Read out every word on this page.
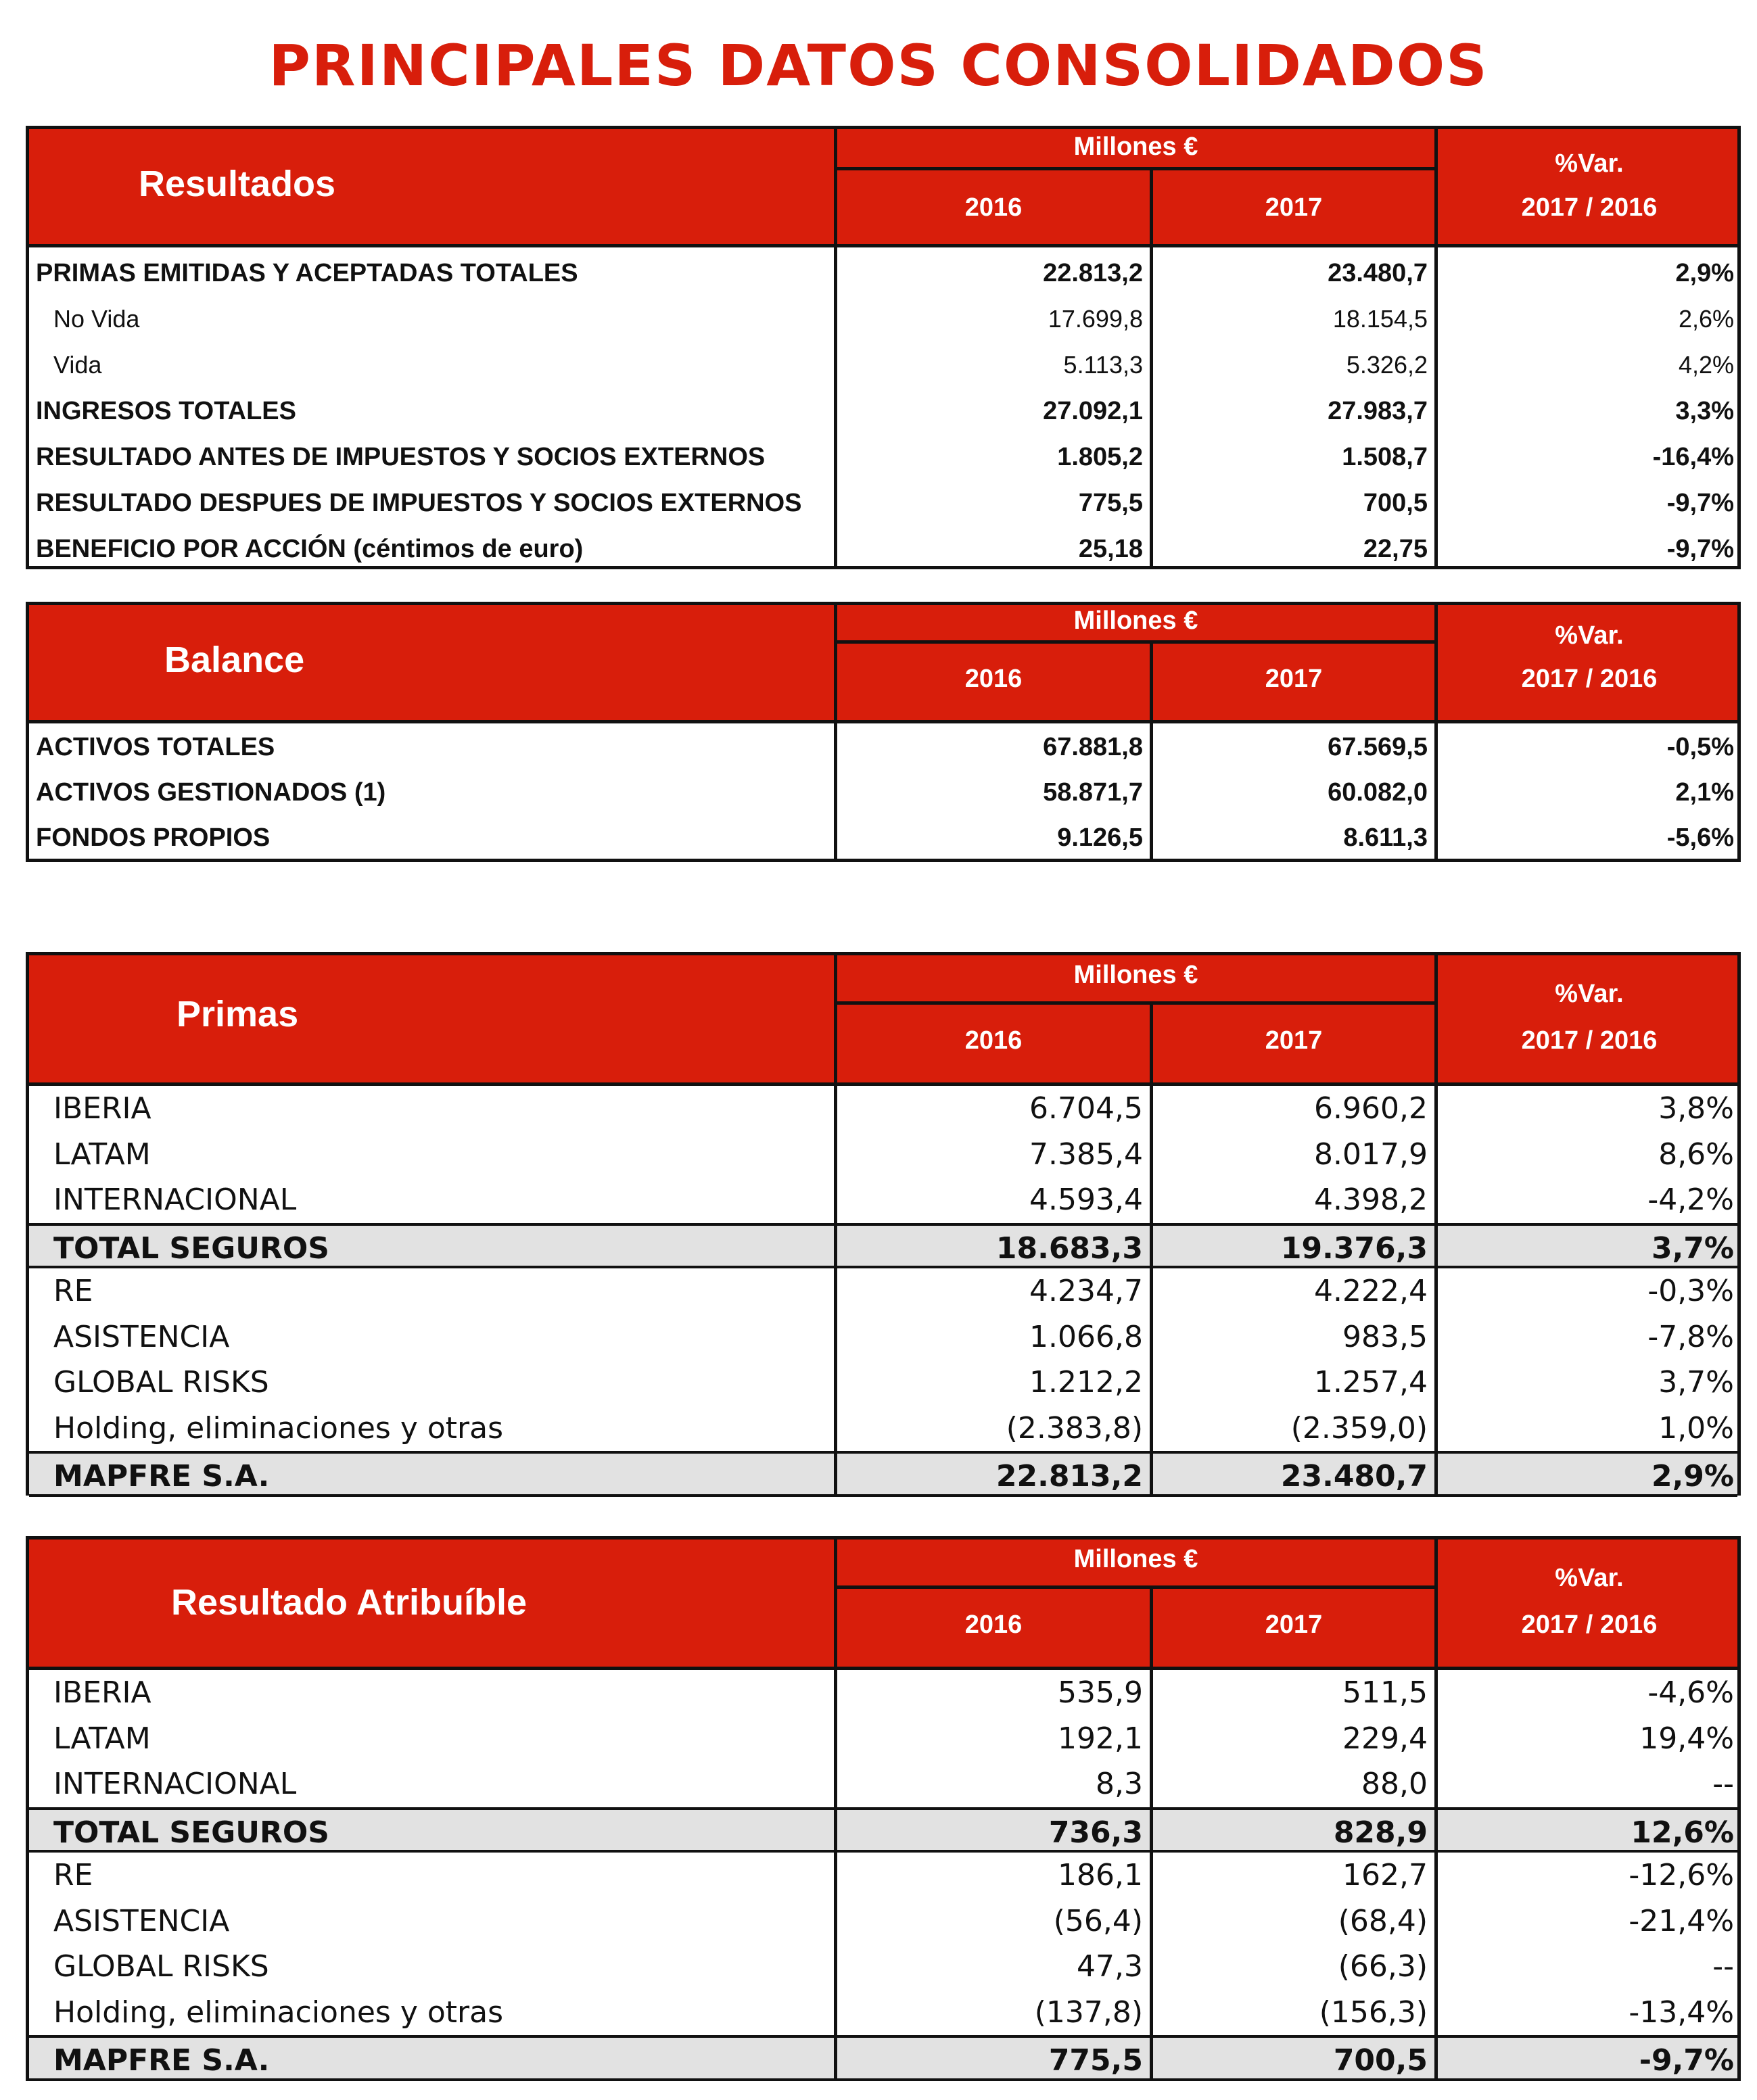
PRINCIPALES DATOS CONSOLIDADOS
Resultados
Millones €
2016	2017
%Var.
2017 / 2016
PRIMAS EMITIDAS Y ACEPTADAS TOTALES	22.813,2	23.480,7	2,9%
No Vida	17.699,8	18.154,5	2,6%
Vida	5.113,3	5.326,2	4,2%
INGRESOS TOTALES	27.092,1	27.983,7	3,3%
RESULTADO ANTES DE IMPUESTOS Y SOCIOS EXTERNOS	1.805,2	1.508,7	-16,4%
RESULTADO DESPUES DE IMPUESTOS Y SOCIOS EXTERNOS	775,5	700,5	-9,7%
BENEFICIO POR ACCIÓN (céntimos de euro)	25,18	22,75	-9,7%
Balance
Millones €
2016	2017
%Var.
2017 / 2016
ACTIVOS TOTALES	67.881,8	67.569,5	-0,5%
ACTIVOS GESTIONADOS (1)	58.871,7	60.082,0	2,1%
FONDOS PROPIOS	9.126,5	8.611,3	-5,6%
Primas
Millones €
2016	2017
%Var.
2017 / 2016
IBERIA	6.704,5	6.960,2	3,8%
LATAM	7.385,4	8.017,9	8,6%
INTERNACIONAL	4.593,4	4.398,2	-4,2%
TOTAL SEGUROS	18.683,3	19.376,3	3,7%
RE	4.234,7	4.222,4	-0,3%
ASISTENCIA	1.066,8	983,5	-7,8%
GLOBAL RISKS	1.212,2	1.257,4	3,7%
Holding, eliminaciones y otras	(2.383,8)	(2.359,0)	1,0%
MAPFRE S.A.	22.813,2	23.480,7	2,9%
Resultado Atribuíble
Millones €
2016	2017
%Var.
2017 / 2016
IBERIA	535,9	511,5	-4,6%
LATAM	192,1	229,4	19,4%
INTERNACIONAL	8,3	88,0	--
TOTAL SEGUROS	736,3	828,9	12,6%
RE	186,1	162,7	-12,6%
ASISTENCIA	(56,4)	(68,4)	-21,4%
GLOBAL RISKS	47,3	(66,3)	--
Holding, eliminaciones y otras	(137,8)	(156,3)	-13,4%
MAPFRE S.A.	775,5	700,5	-9,7%
